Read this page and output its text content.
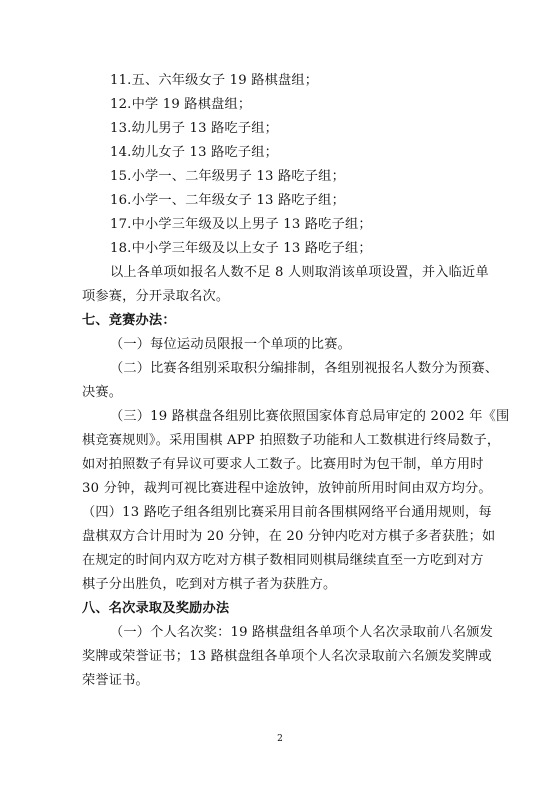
11.五、六年级女子 19 路棋盘组；
12.中学 19 路棋盘组；
13.幼儿男子 13 路吃子组；
14.幼儿女子 13 路吃子组；
15.小学一、二年级男子 13 路吃子组；
16.小学一、二年级女子 13 路吃子组；
17.中小学三年级及以上男子 13 路吃子组；
18.中小学三年级及以上女子 13 路吃子组；
以上各单项如报名人数不足 8 人则取消该单项设置，并入临近单
项参赛，分开录取名次。
七、竞赛办法：
（一）每位运动员限报一个单项的比赛。
（二）比赛各组别采取积分编排制，各组别视报名人数分为预赛、
决赛。
（三）19 路棋盘各组别比赛依照国家体育总局审定的 2002 年《围
棋竞赛规则》。采用围棋 APP 拍照数子功能和人工数棋进行终局数子，
如对拍照数子有异议可要求人工数子。比赛用时为包干制，单方用时
30 分钟，裁判可视比赛进程中途放钟，放钟前所用时间由双方均分。
（四）13 路吃子组各组别比赛采用目前各围棋网络平台通用规则，每
盘棋双方合计用时为 20 分钟，在 20 分钟内吃对方棋子多者获胜；如
在规定的时间内双方吃对方棋子数相同则棋局继续直至一方吃到对方
棋子分出胜负，吃到对方棋子者为获胜方。
八、名次录取及奖励办法
（一）个人名次奖：19 路棋盘组各单项个人名次录取前八名颁发
奖牌或荣誉证书；13 路棋盘组各单项个人名次录取前六名颁发奖牌或
荣誉证书。
2
